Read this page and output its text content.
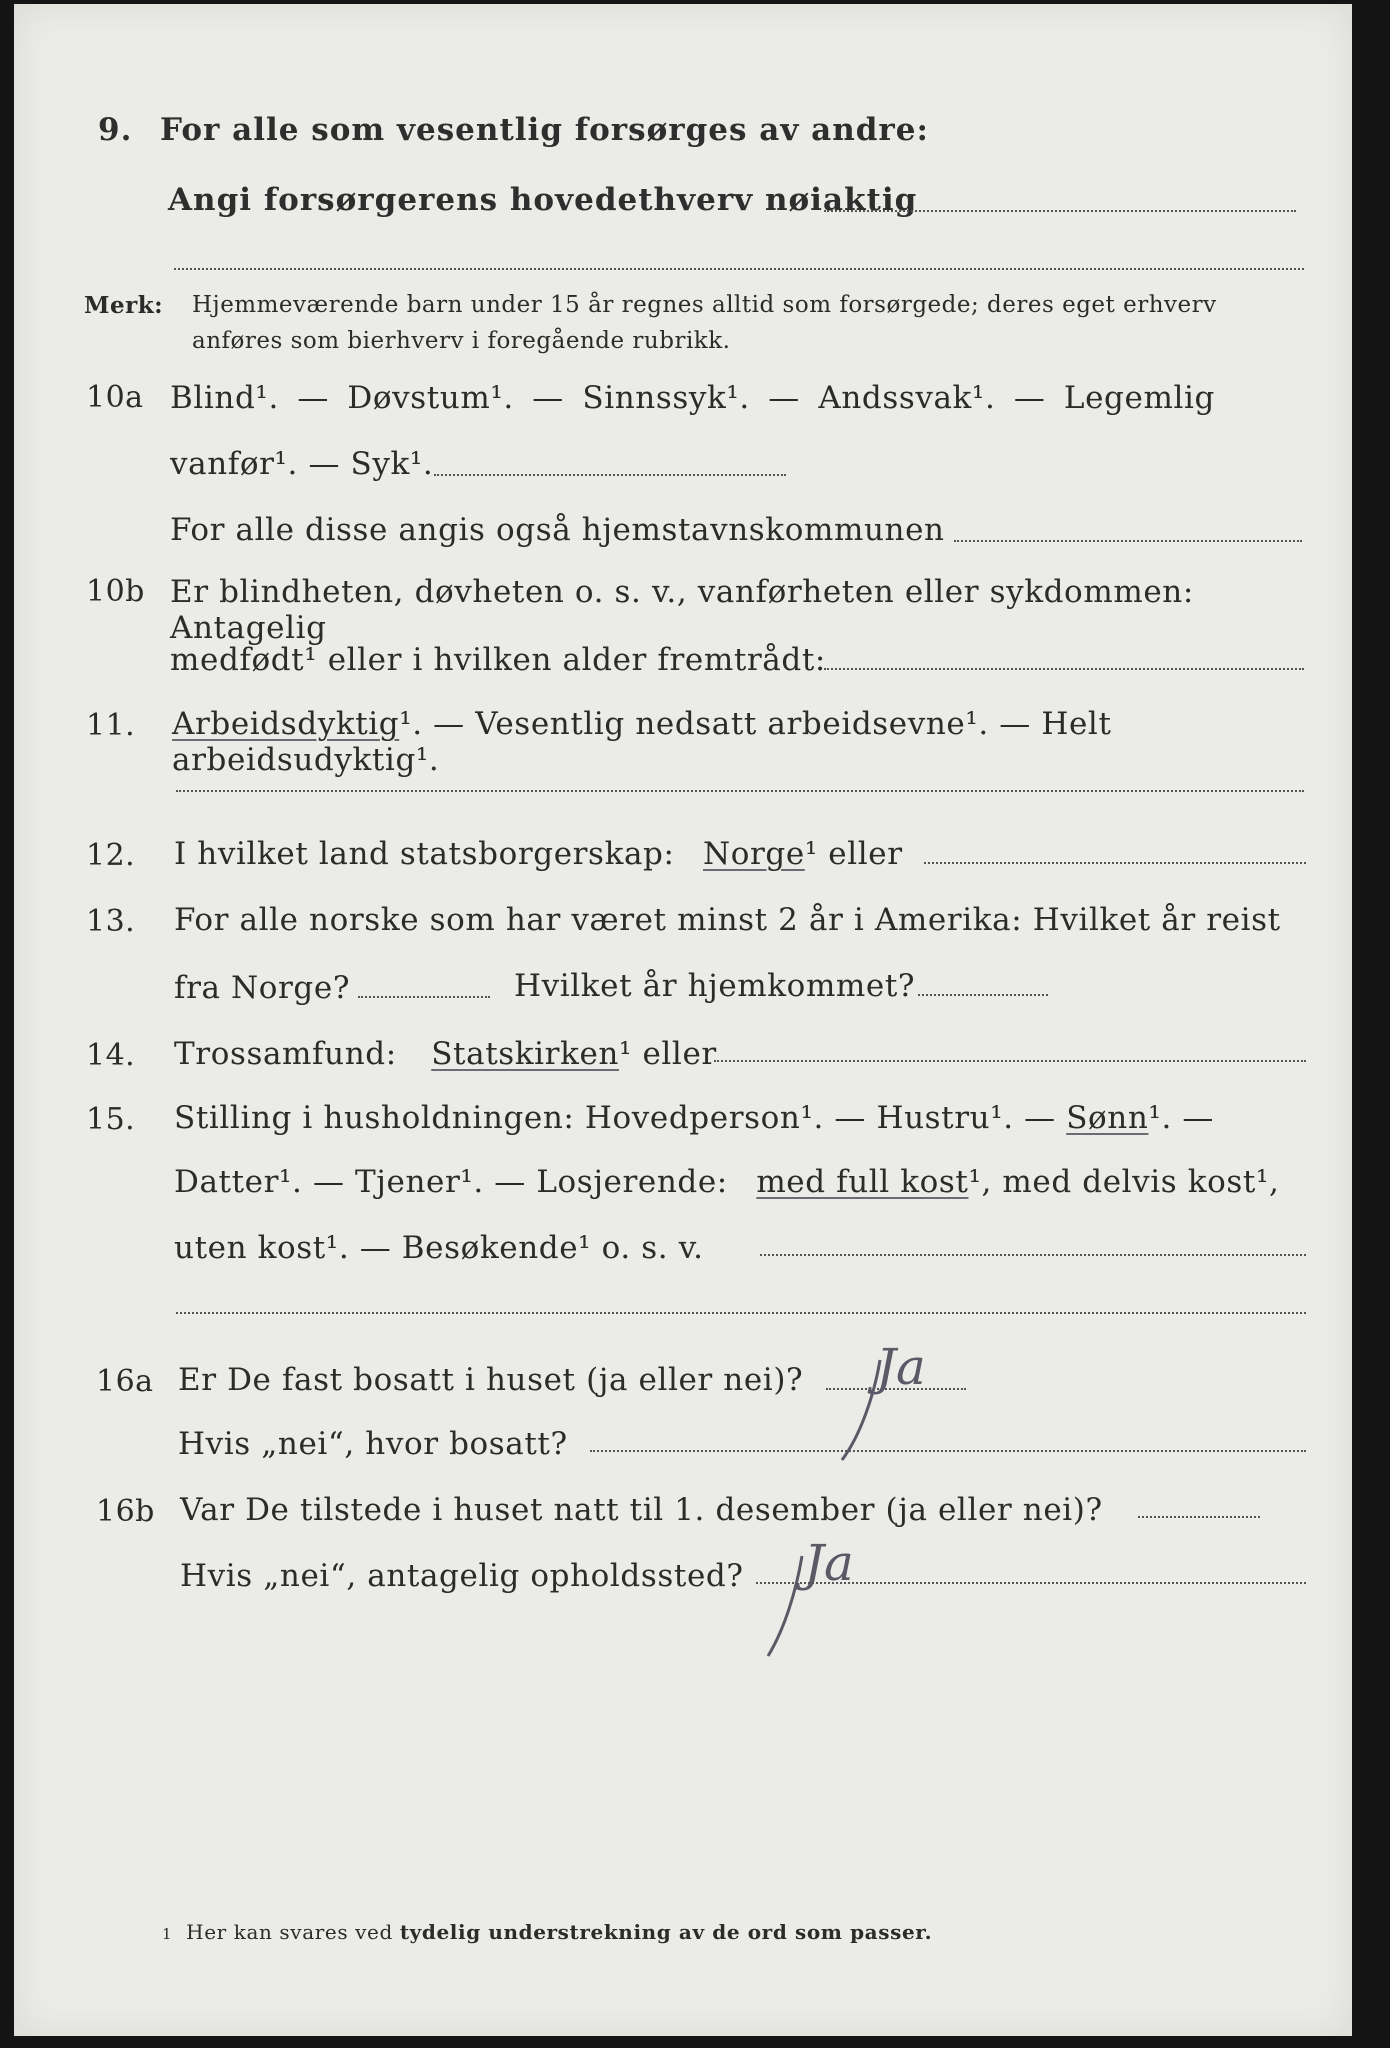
9. For alle som vesentlig forsørges av andre:
Angi forsørgerens hovedethverv nøiaktig
Merk: Hjemmeværende barn under 15 år regnes alltid som forsørgede; deres eget erhverv
anføres som bierhverv i foregående rubrikk.
10a Blind¹. — Døvstum¹. — Sinnssyk¹. — Andssvak¹. — Legemlig
vanfør¹. — Syk¹.
For alle disse angis også hjemstavnskommunen
10b Er blindheten, døvheten o. s. v., vanførheten eller sykdommen: Antagelig
medfødt¹ eller i hvilken alder fremtrådt:
11. Arbeidsdyktig¹. — Vesentlig nedsatt arbeidsevne¹. — Helt arbeidsudyktig¹.
12. I hvilket land statsborgerskap: Norge¹ eller
13. For alle norske som har været minst 2 år i Amerika: Hvilket år reist
fra Norge?	Hvilket år hjemkommet?
14. Trossamfund: Statskirken¹ eller
15. Stilling i husholdningen: Hovedperson¹. — Hustru¹. — Sønn¹. —
Datter¹. — Tjener¹. — Losjerende: med full kost¹, med delvis kost¹,
uten kost¹. — Besøkende¹ o. s. v.
16a Er De fast bosatt i huset (ja eller nei)? Ja
Hvis „nei“, hvor bosatt?
16b Var De tilstede i huset natt til 1. desember (ja eller nei)?
Hvis „nei“, antagelig opholdssted? Ja
1 Her kan svares ved tydelig understrekning av de ord som passer.
